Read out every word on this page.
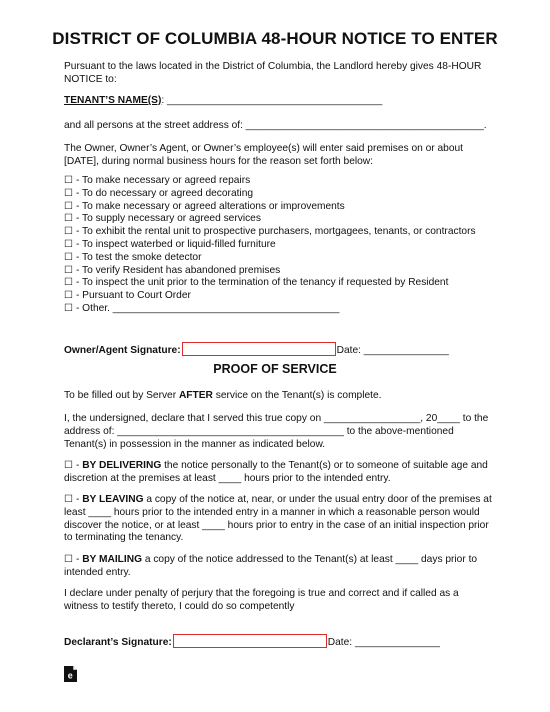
DISTRICT OF COLUMBIA 48-HOUR NOTICE TO ENTER
Pursuant to the laws located in the District of Columbia, the Landlord hereby gives 48-HOUR NOTICE to:
TENANT’S NAME(S): ______________________________________
and all persons at the street address of: __________________________________________.
The Owner, Owner’s Agent, or Owner’s employee(s) will enter said premises on or about [DATE], during normal business hours for the reason set forth below:
☐ - To make necessary or agreed repairs
☐ - To do necessary or agreed decorating
☐ - To make necessary or agreed alterations or improvements
☐ - To supply necessary or agreed services
☐ - To exhibit the rental unit to prospective purchasers, mortgagees, tenants, or contractors
☐ - To inspect waterbed or liquid-filled furniture
☐ - To test the smoke detector
☐ - To verify Resident has abandoned premises
☐ - To inspect the unit prior to the termination of the tenancy if requested by Resident
☐ - Pursuant to Court Order
☐ - Other. ________________________________________
Owner/Agent Signature:	Date: _______________
PROOF OF SERVICE
To be filled out by Server AFTER service on the Tenant(s) is complete.
I, the undersigned, declare that I served this true copy on _________________, 20____ to the address of: ________________________________________ to the above-mentioned Tenant(s) in possession in the manner as indicated below.
☐ - BY DELIVERING the notice personally to the Tenant(s) or to someone of suitable age and discretion at the premises at least ____ hours prior to the intended entry.
☐ - BY LEAVING a copy of the notice at, near, or under the usual entry door of the premises at least ____ hours prior to the intended entry in a manner in which a reasonable person would discover the notice, or at least ____ hours prior to entry in the case of an initial inspection prior to terminating the tenancy.
☐ - BY MAILING a copy of the notice addressed to the Tenant(s) at least ____ days prior to intended entry.
I declare under penalty of perjury that the foregoing is true and correct and if called as a witness to testify thereto, I could do so competently
Declarant’s Signature:	Date: _______________
e
